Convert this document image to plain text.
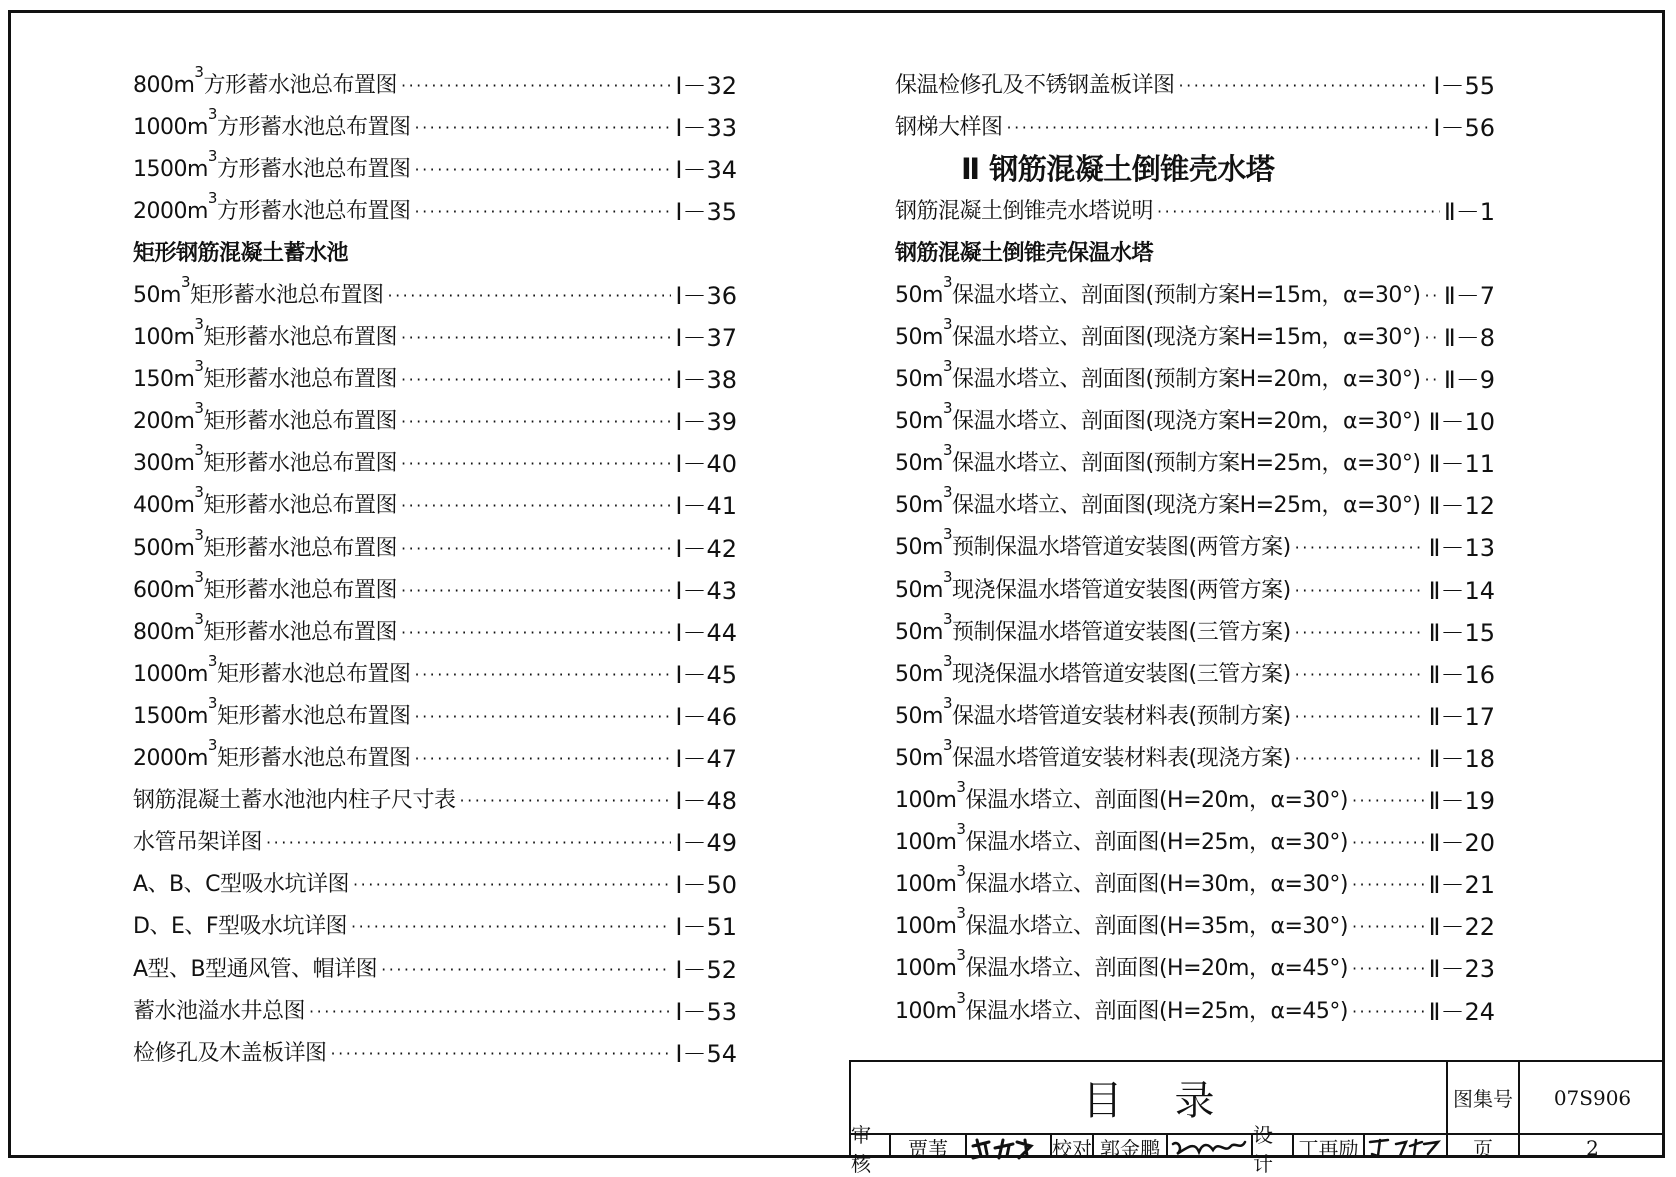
$800m^3$方形蓄水池总布置图 ·····	Ⅰ－32
$1000m^3$方形蓄水池总布置图 ·····	Ⅰ－33
$1500m^3$方形蓄水池总布置图 ·····	Ⅰ－34
$2000m^3$方形蓄水池总布置图 ·····	Ⅰ－35
矩形钢筋混凝土蓄水池
$50m^3$矩形蓄水池总布置图 ·····	Ⅰ－36
$100m^3$矩形蓄水池总布置图 ·····	Ⅰ－37
$150m^3$矩形蓄水池总布置图 ·····	Ⅰ－38
$200m^3$矩形蓄水池总布置图 ·····	Ⅰ－39
$300m^3$矩形蓄水池总布置图 ·····	Ⅰ－40
$400m^3$矩形蓄水池总布置图 ·····	Ⅰ－41
$500m^3$矩形蓄水池总布置图 ·····	Ⅰ－42
$600m^3$矩形蓄水池总布置图 ·····	Ⅰ－43
$800m^3$矩形蓄水池总布置图 ·····	Ⅰ－44
$1000m^3$矩形蓄水池总布置图 ·····	Ⅰ－45
$1500m^3$矩形蓄水池总布置图 ·····	Ⅰ－46
$2000m^3$矩形蓄水池总布置图 ·····	Ⅰ－47
钢筋混凝土蓄水池池内柱子尺寸表 ·····	Ⅰ－48
水管吊架详图 ·····	Ⅰ－49
A、B、C型吸水坑详图 ·····	Ⅰ－50
D、E、F型吸水坑详图 ·····	Ⅰ－51
A型、B型通风管、帽详图 ·····	Ⅰ－52
蓄水池溢水井总图 ·····	Ⅰ－53
检修孔及木盖板详图 ·····	Ⅰ－54
保温检修孔及不锈钢盖板详图 ·····	Ⅰ－55
钢梯大样图 ·····	Ⅰ－56
Ⅱ 钢筋混凝土倒锥壳水塔
钢筋混凝土倒锥壳水塔说明 ·····	Ⅱ－1
钢筋混凝土倒锥壳保温水塔
$50m^3$保温水塔立、剖面图(预制方案H=15m，α=30°) ····· Ⅱ－7
$50m^3$保温水塔立、剖面图(现浇方案H=15m，α=30°) ····· Ⅱ－8
$50m^3$保温水塔立、剖面图(预制方案H=20m，α=30°) ····· Ⅱ－9
$50m^3$保温水塔立、剖面图(现浇方案H=20m，α=30°) ····· Ⅱ－10
$50m^3$保温水塔立、剖面图(预制方案H=25m，α=30°) ····· Ⅱ－11
$50m^3$保温水塔立、剖面图(现浇方案H=25m，α=30°) ····· Ⅱ－12
$50m^3$预制保温水塔管道安装图(两管方案) ·····	Ⅱ－13
$50m^3$现浇保温水塔管道安装图(两管方案) ·····	Ⅱ－14
$50m^3$预制保温水塔管道安装图(三管方案) ·····	Ⅱ－15
$50m^3$现浇保温水塔管道安装图(三管方案) ·····	Ⅱ－16
$50m^3$保温水塔管道安装材料表(预制方案) ·····	Ⅱ－17
$50m^3$保温水塔管道安装材料表(现浇方案) ·····	Ⅱ－18
$100m^3$保温水塔立、剖面图(H=20m，α=30°) ·····	Ⅱ－19
$100m^3$保温水塔立、剖面图(H=25m，α=30°) ·····	Ⅱ－20
$100m^3$保温水塔立、剖面图(H=30m，α=30°) ·····	Ⅱ－21
$100m^3$保温水塔立、剖面图(H=35m，α=30°) ·····	Ⅱ－22
$100m^3$保温水塔立、剖面图(H=20m，α=45°) ·····	Ⅱ－23
$100m^3$保温水塔立、剖面图(H=25m，α=45°) ·····	Ⅱ－24
目录	图集号	07S906
页	2
审核
贾苇	校对 郭金鹏
设计
丁再励
